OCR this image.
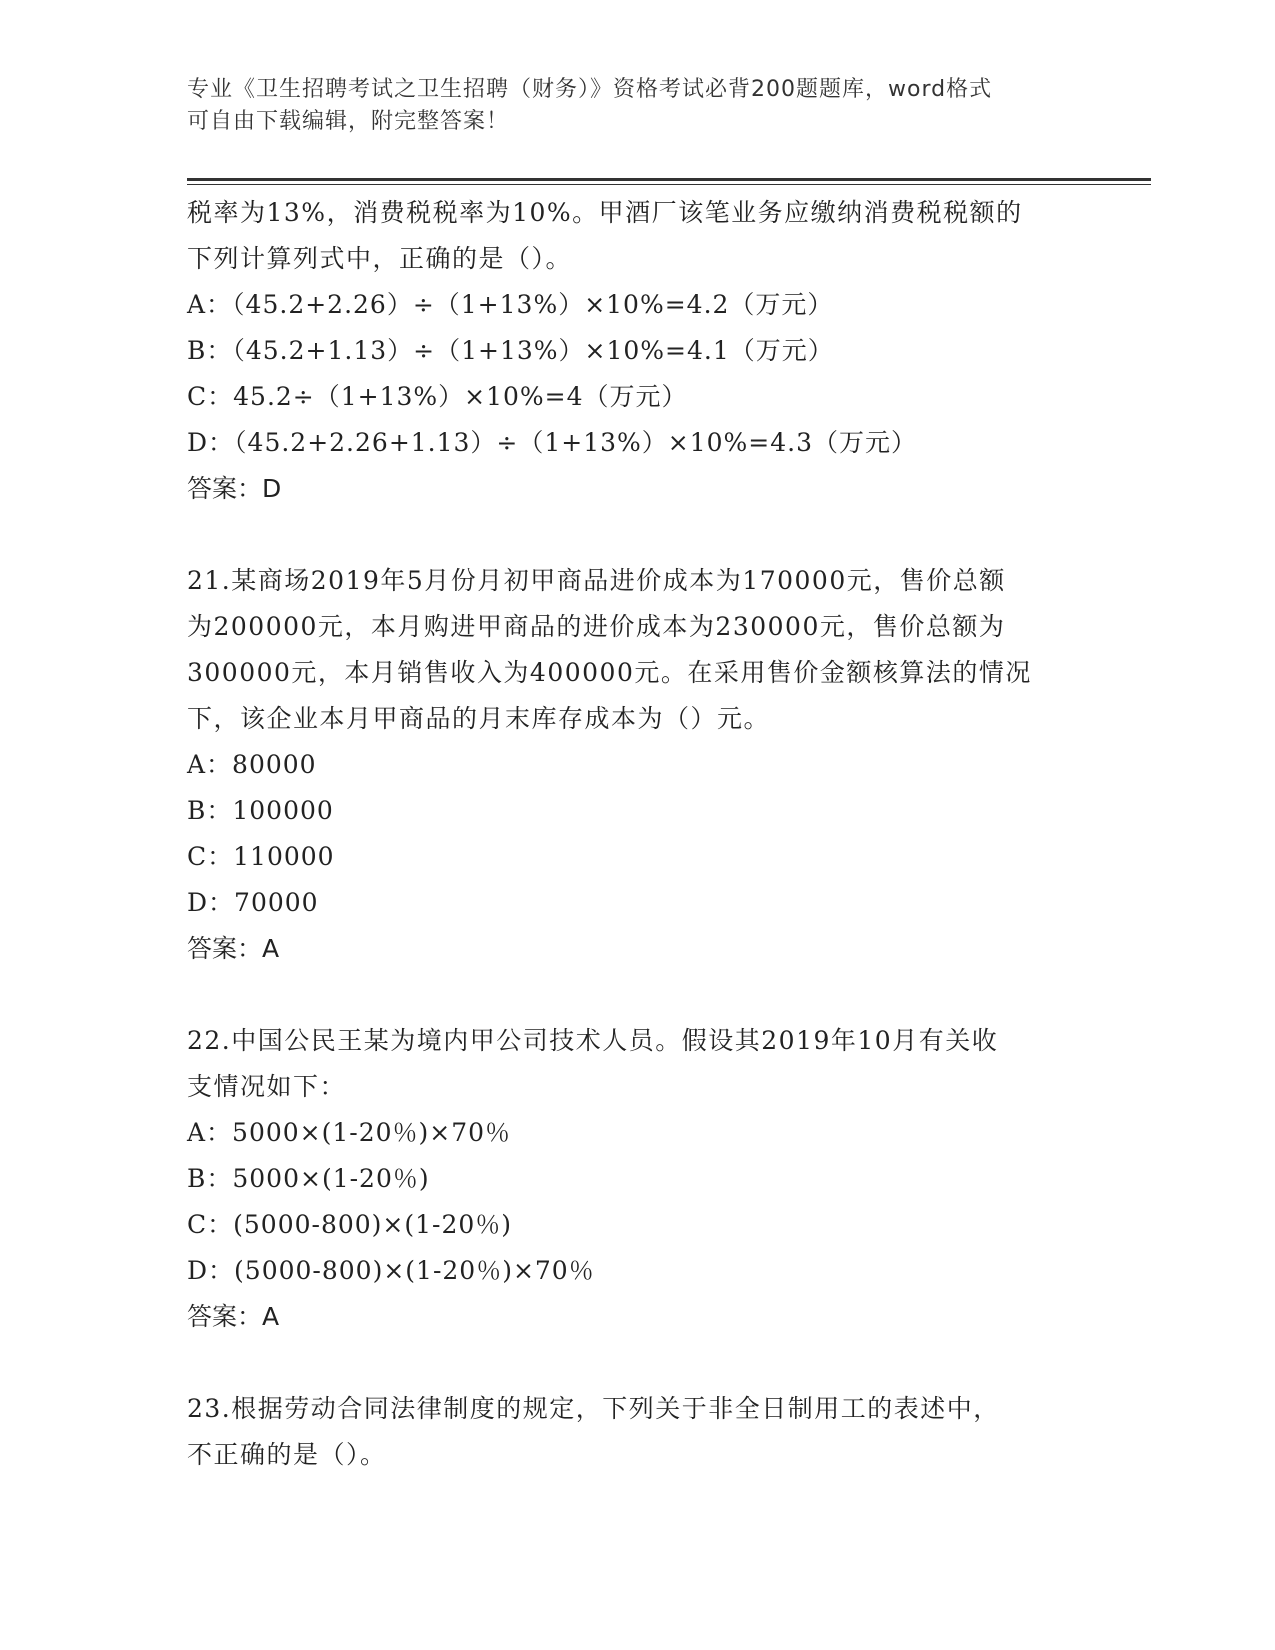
专业《卫生招聘考试之卫生招聘（财务）》资格考试必背200题题库，word格式
可自由下载编辑，附完整答案！

税率为13%，消费税税率为10%。甲酒厂该笔业务应缴纳消费税税额的

下列计算列式中，正确的是（）。

A：（45.2+2.26）÷（1+13%）×10%=4.2（万元）

B：（45.2+1.13）÷（1+13%）×10%=4.1（万元）

C：45.2÷（1+13%）×10%=4（万元）

D：（45.2+2.26+1.13）÷（1+13%）×10%=4.3（万元）

答案：D

21.某商场2019年5月份月初甲商品进价成本为170000元，售价总额

为200000元，本月购进甲商品的进价成本为230000元，售价总额为

300000元，本月销售收入为400000元。在采用售价金额核算法的情况

下，该企业本月甲商品的月末库存成本为（）元。

A：80000

B：100000

C：110000

D：70000

答案：A

22.中国公民王某为境内甲公司技术人员。假设其2019年10月有关收

支情况如下：

A：5000×(1-20％)×70％

B：5000×(1-20％)

C：(5000-800)×(1-20％)

D：(5000-800)×(1-20％)×70％

答案：A

23.根据劳动合同法律制度的规定，下列关于非全日制用工的表述中，

不正确的是（）。
